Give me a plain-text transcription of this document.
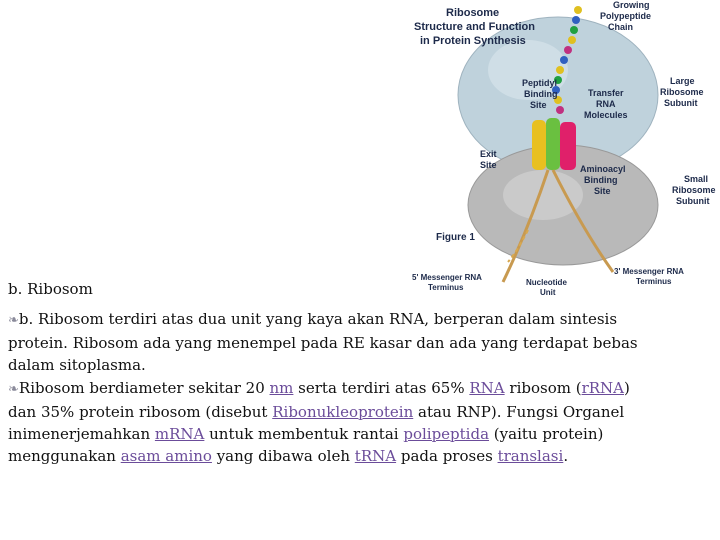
Ribosome Structure and Function in Protein Synthesis
Growing Polypeptide Chain
Peptidyl Binding Site
Transfer RNA Molecules
Large Ribosome Subunit
Exit Site	Aminoacyl Binding Site
Small Ribosome Subunit
Figure 1
5' Messenger RNA Terminus
Nucleotide Unit
3' Messenger RNA Terminus
b. Ribosom

❧b. Ribosom terdiri atas dua unit yang kaya akan RNA, berperan dalam sintesis protein. Ribosom ada yang menempel pada RE kasar dan ada yang terdapat bebas dalam sitoplasma.

❧Ribosom berdiameter sekitar 20 nm serta terdiri atas 65% RNA ribosom (rRNA) dan 35% protein ribosom (disebut Ribonukleoprotein atau RNP). Fungsi Organel inimenerjemahkan mRNA untuk membentuk rantai polipeptida (yaitu protein) menggunakan asam amino yang dibawa oleh tRNA pada proses translasi.
